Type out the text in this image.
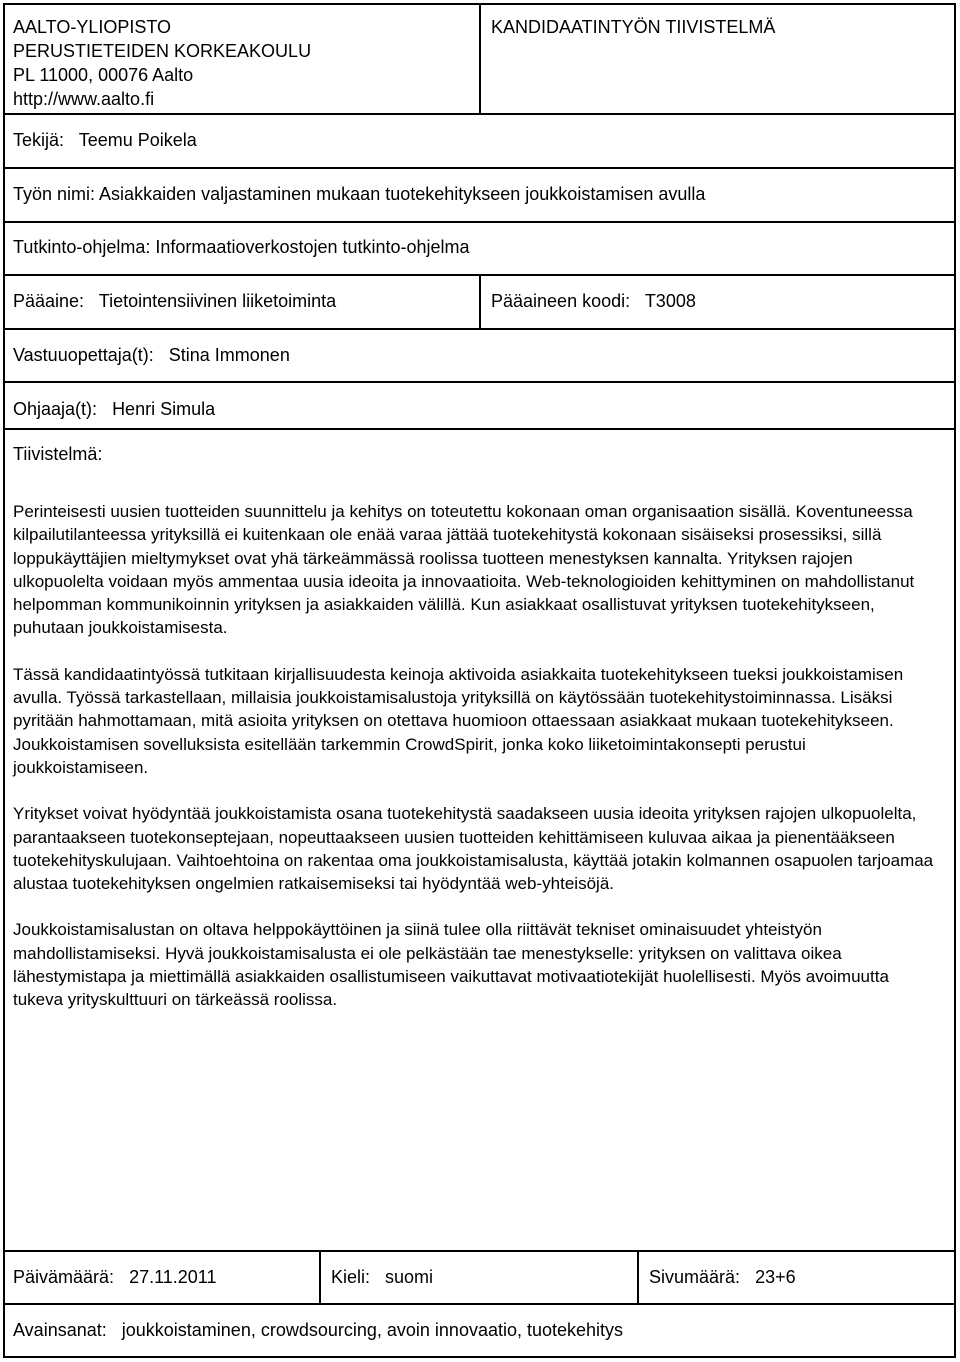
AALTO-YLIOPISTO
PERUSTIETEIDEN KORKEAKOULU
PL 11000, 00076 Aalto
http://www.aalto.fi
KANDIDAATINTYÖN TIIVISTELMÄ
Tekijä: Teemu Poikela
Työn nimi: Asiakkaiden valjastaminen mukaan tuotekehitykseen joukkoistamisen avulla
Tutkinto-ohjelma: Informaatioverkostojen tutkinto-ohjelma
Pääaine: Tietointensiivinen liiketoiminta	Pääaineen koodi: T3008
Vastuuopettaja(t): Stina Immonen
Ohjaaja(t): Henri Simula
Tiivistelmä:

Perinteisesti uusien tuotteiden suunnittelu ja kehitys on toteutettu kokonaan oman organisaation sisällä. Koventuneessa kilpailutilanteessa yrityksillä ei kuitenkaan ole enää varaa jättää tuotekehitystä kokonaan sisäiseksi prosessiksi, sillä loppukäyttäjien mieltymykset ovat yhä tärkeämmässä roolissa tuotteen menestyksen kannalta. Yrityksen rajojen ulkopuolelta voidaan myös ammentaa uusia ideoita ja innovaatioita. Web-teknologioiden kehittyminen on mahdollistanut helpomman kommunikoinnin yrityksen ja asiakkaiden välillä. Kun asiakkaat osallistuvat yrityksen tuotekehitykseen, puhutaan joukkoistamisesta.

Tässä kandidaatintyössä tutkitaan kirjallisuudesta keinoja aktivoida asiakkaita tuotekehitykseen tueksi joukkoistamisen avulla. Työssä tarkastellaan, millaisia joukkoistamisalustoja yrityksillä on käytössään tuotekehitystoiminnassa. Lisäksi pyritään hahmottamaan, mitä asioita yrityksen on otettava huomioon ottaessaan asiakkaat mukaan tuotekehitykseen. Joukkoistamisen sovelluksista esitellään tarkemmin CrowdSpirit, jonka koko liiketoimintakonsepti perustui joukkoistamiseen.

Yritykset voivat hyödyntää joukkoistamista osana tuotekehitystä saadakseen uusia ideoita yrityksen rajojen ulkopuolelta, parantaakseen tuotekonseptejaan, nopeuttaakseen uusien tuotteiden kehittämiseen kuluvaa aikaa ja pienentääkseen tuotekehityskulujaan. Vaihtoehtoina on rakentaa oma joukkoistamisalusta, käyttää jotakin kolmannen osapuolen tarjoamaa alustaa tuotekehityksen ongelmien ratkaisemiseksi tai hyödyntää web-yhteisöjä.

Joukkoistamisalustan on oltava helppokäyttöinen ja siinä tulee olla riittävät tekniset ominaisuudet yhteistyön mahdollistamiseksi. Hyvä joukkoistamisalusta ei ole pelkästään tae menestykselle: yrityksen on valittava oikea lähestymistapa ja miettimällä asiakkaiden osallistumiseen vaikuttavat motivaatiotekijät huolellisesti. Myös avoimuutta tukeva yrityskulttuuri on tärkeässä roolissa.

Päivämäärä: 27.11.2011	Kieli: suomi	Sivumäärä: 23+6
Avainsanat: joukkoistaminen, crowdsourcing, avoin innovaatio, tuotekehitys
